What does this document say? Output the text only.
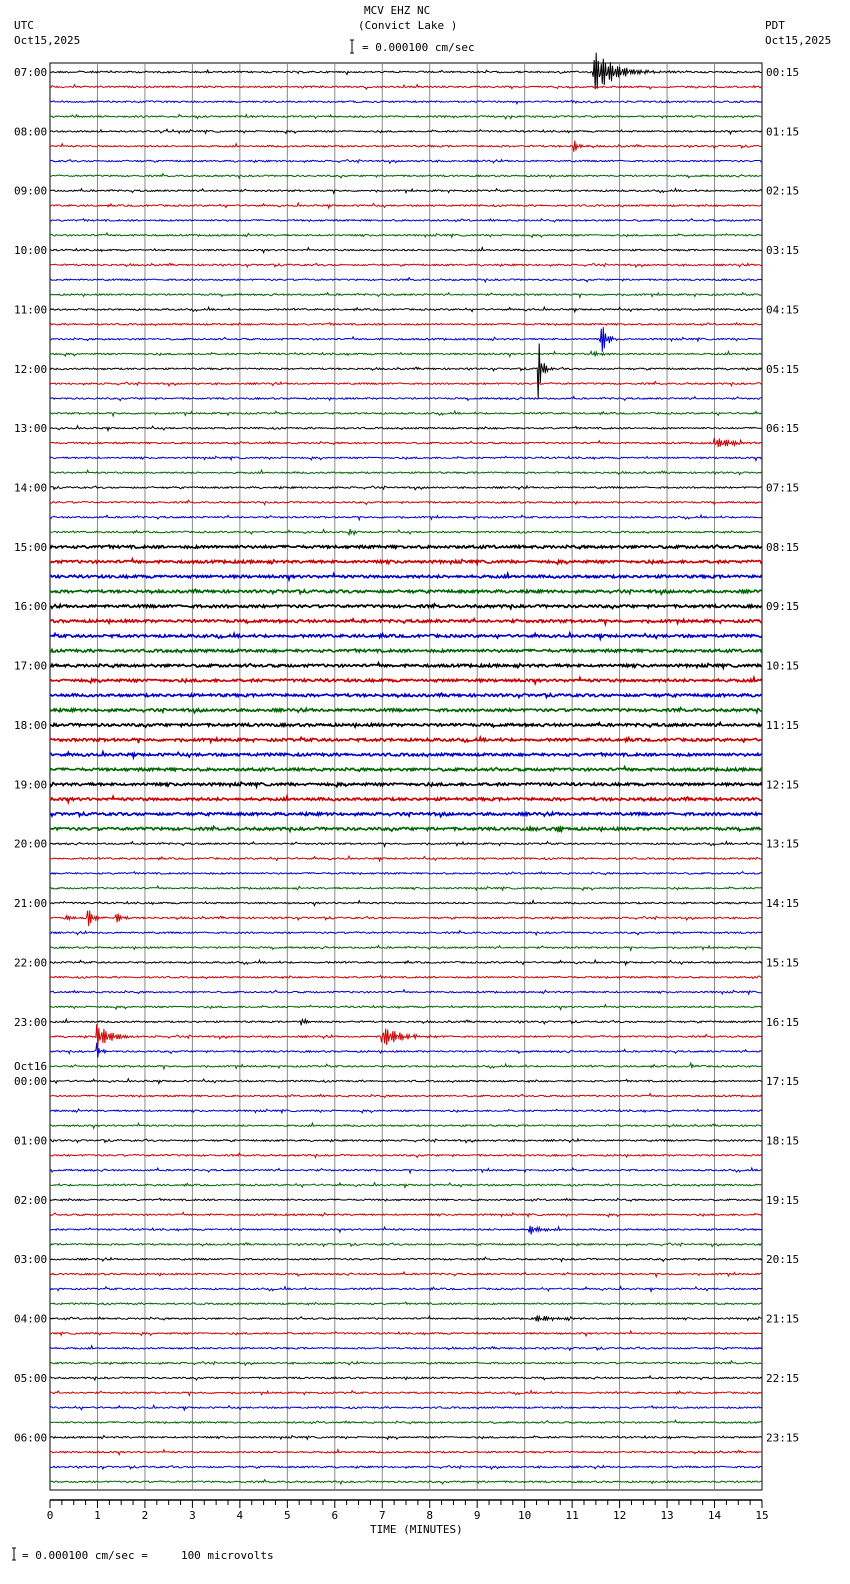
MCV EHZ NC
(Convict Lake )
UTC
Oct15,2025
PDT
Oct15,2025
= 0.000100 cm/sec
07:00	00:15
08:00	01:15
09:00	02:15
10:00	03:15
11:00	04:15
12:00	05:15
13:00	06:15
14:00	07:15
15:00	08:15
16:00	09:15
17:00	10:15
18:00	11:15
19:00	12:15
20:00	13:15
21:00	14:15
22:00	15:15
23:00	16:15
00:00	17:15
01:00	18:15
02:00	19:15
03:00	20:15
04:00	21:15
05:00	22:15
06:00	23:15
Oct16
0	1	2	3	4	5	6	7	8	9	10	11	12	13	14	15
TIME (MINUTES)
= 0.000100 cm/sec =     100 microvolts
